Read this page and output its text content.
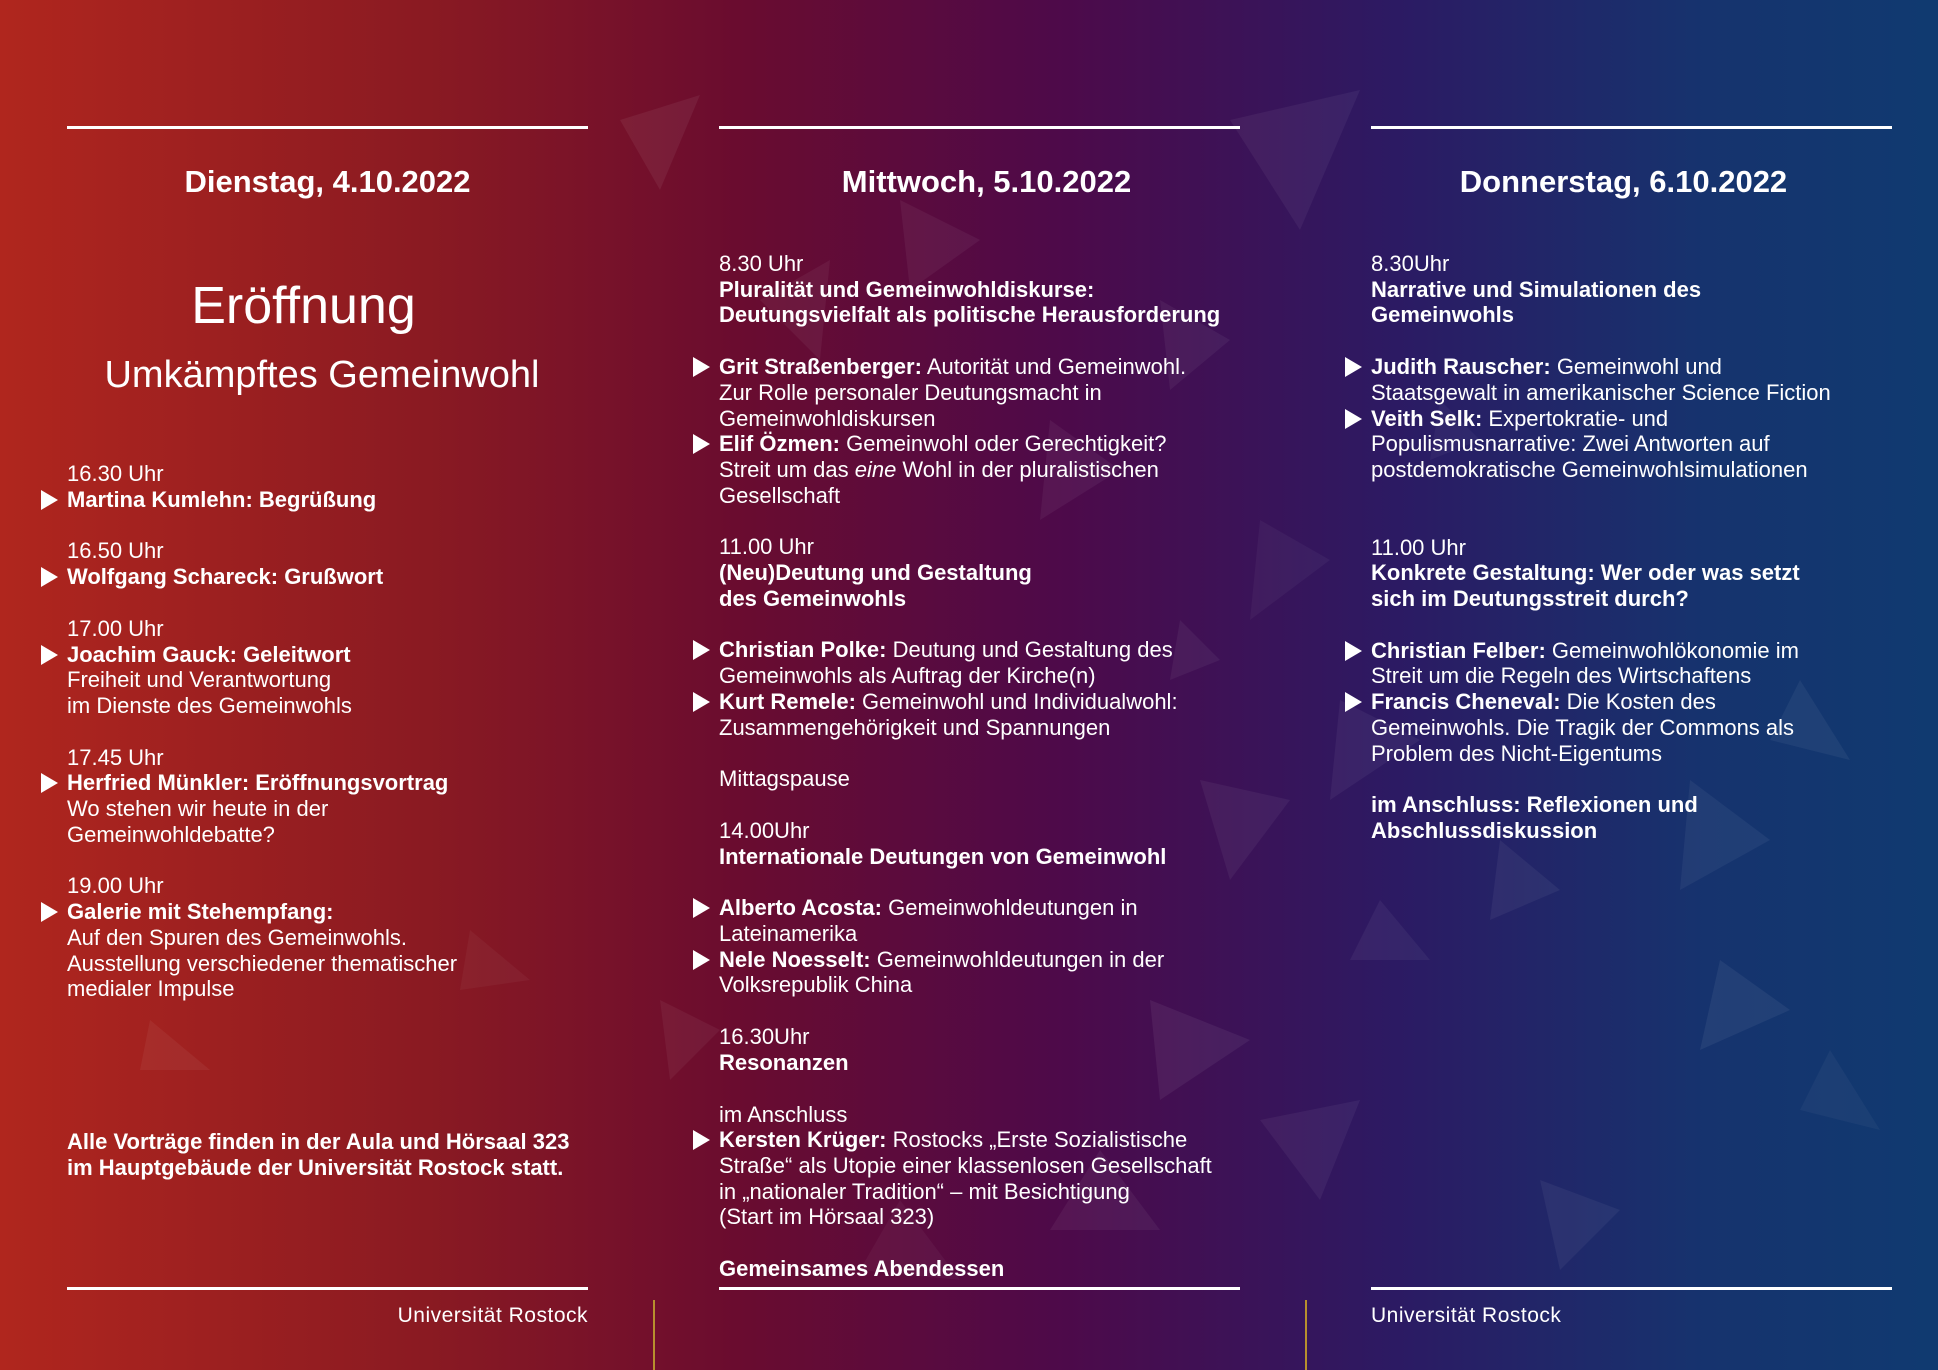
Dienstag, 4.10.2022
Eröffnung
Umkämpftes Gemeinwohl
16.30 Uhr
Martina Kumlehn: Begrüßung
16.50 Uhr
Wolfgang Schareck: Grußwort
17.00 Uhr
Joachim Gauck: Geleitwort
Freiheit und Verantwortung
im Dienste des Gemeinwohls
17.45 Uhr
Herfried Münkler: Eröffnungsvortrag
Wo stehen wir heute in der
Gemeinwohldebatte?
19.00 Uhr
Galerie mit Stehempfang:
Auf den Spuren des Gemeinwohls.
Ausstellung verschiedener thematischer
medialer Impulse
Alle Vorträge finden in der Aula und Hörsaal 323
im Hauptgebäude der Universität Rostock statt.
Universität Rostock
Mittwoch, 5.10.2022
8.30 Uhr
Pluralität und Gemeinwohldiskurse:
Deutungsvielfalt als politische Herausforderung
Grit Straßenberger: Autorität und Gemeinwohl.
Zur Rolle personaler Deutungsmacht in
Gemeinwohldiskursen
Elif Özmen: Gemeinwohl oder Gerechtigkeit?
Streit um das eine Wohl in der pluralistischen
Gesellschaft
11.00 Uhr
(Neu)Deutung und Gestaltung
des Gemeinwohls
Christian Polke: Deutung und Gestaltung des
Gemeinwohls als Auftrag der Kirche(n)
Kurt Remele: Gemeinwohl und Individualwohl:
Zusammengehörigkeit und Spannungen
Mittagspause
14.00Uhr
Internationale Deutungen von Gemeinwohl
Alberto Acosta: Gemeinwohldeutungen in
Lateinamerika
Nele Noesselt: Gemeinwohldeutungen in der
Volksrepublik China
16.30Uhr
Resonanzen
im Anschluss
Kersten Krüger: Rostocks „Erste Sozialistische
Straße“ als Utopie einer klassenlosen Gesellschaft
in „nationaler Tradition“ – mit Besichtigung
(Start im Hörsaal 323)
Gemeinsames Abendessen
Donnerstag, 6.10.2022
8.30Uhr
Narrative und Simulationen des
Gemeinwohls
Judith Rauscher: Gemeinwohl und
Staatsgewalt in amerikanischer Science Fiction
Veith Selk: Expertokratie- und
Populismusnarrative: Zwei Antworten auf
postdemokratische Gemeinwohlsimulationen
11.00 Uhr
Konkrete Gestaltung: Wer oder was setzt
sich im Deutungsstreit durch?
Christian Felber: Gemeinwohlökonomie im
Streit um die Regeln des Wirtschaftens
Francis Cheneval: Die Kosten des
Gemeinwohls. Die Tragik der Commons als
Problem des Nicht-Eigentums
im Anschluss: Reflexionen und
Abschlussdiskussion
Universität Rostock
